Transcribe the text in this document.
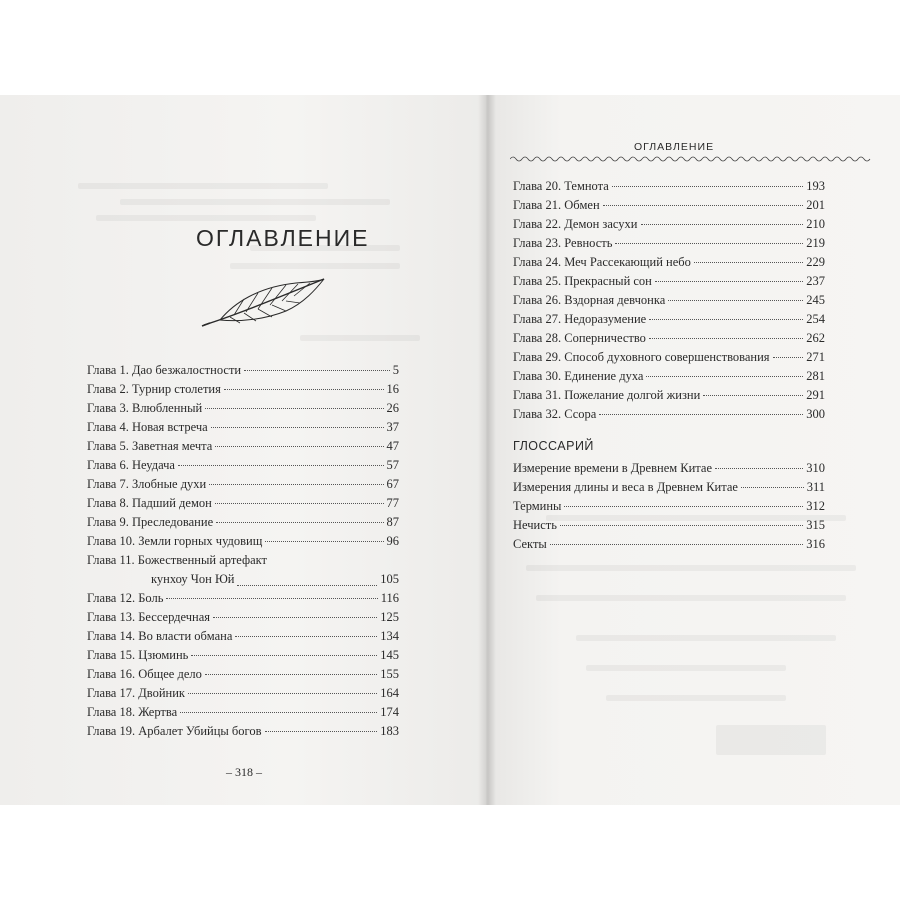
ОГЛАВЛЕНИЕ
Глава 1. Дао безжалостности	5
Глава 2. Турнир столетия	16
Глава 3. Влюбленный	26
Глава 4. Новая встреча	37
Глава 5. Заветная мечта	47
Глава 6. Неудача	57
Глава 7. Злобные духи	67
Глава 8. Падший демон	77
Глава 9. Преследование	87
Глава 10. Земли горных чудовищ	96
Глава 11. Божественный артефакт
кунхоу Чон Юй	105
Глава 12. Боль	116
Глава 13. Бессердечная	125
Глава 14. Во власти обмана	134
Глава 15. Цзюминь	145
Глава 16. Общее дело	155
Глава 17. Двойник	164
Глава 18. Жертва	174
Глава 19. Арбалет Убийцы богов	183
– 318 –
ОГЛАВЛЕНИЕ
Глава 20. Темнота	193
Глава 21. Обмен	201
Глава 22. Демон засухи	210
Глава 23. Ревность	219
Глава 24. Меч Рассекающий небо	229
Глава 25. Прекрасный сон	237
Глава 26. Вздорная девчонка	245
Глава 27. Недоразумение	254
Глава 28. Соперничество	262
Глава 29. Способ духовного совершенствования	271
Глава 30. Единение духа	281
Глава 31. Пожелание долгой жизни	291
Глава 32. Ссора	300
ГЛОССАРИЙ
Измерение времени в Древнем Китае	310
Измерения длины и веса в Древнем Китае	311
Термины	312
Нечисть	315
Секты	316
